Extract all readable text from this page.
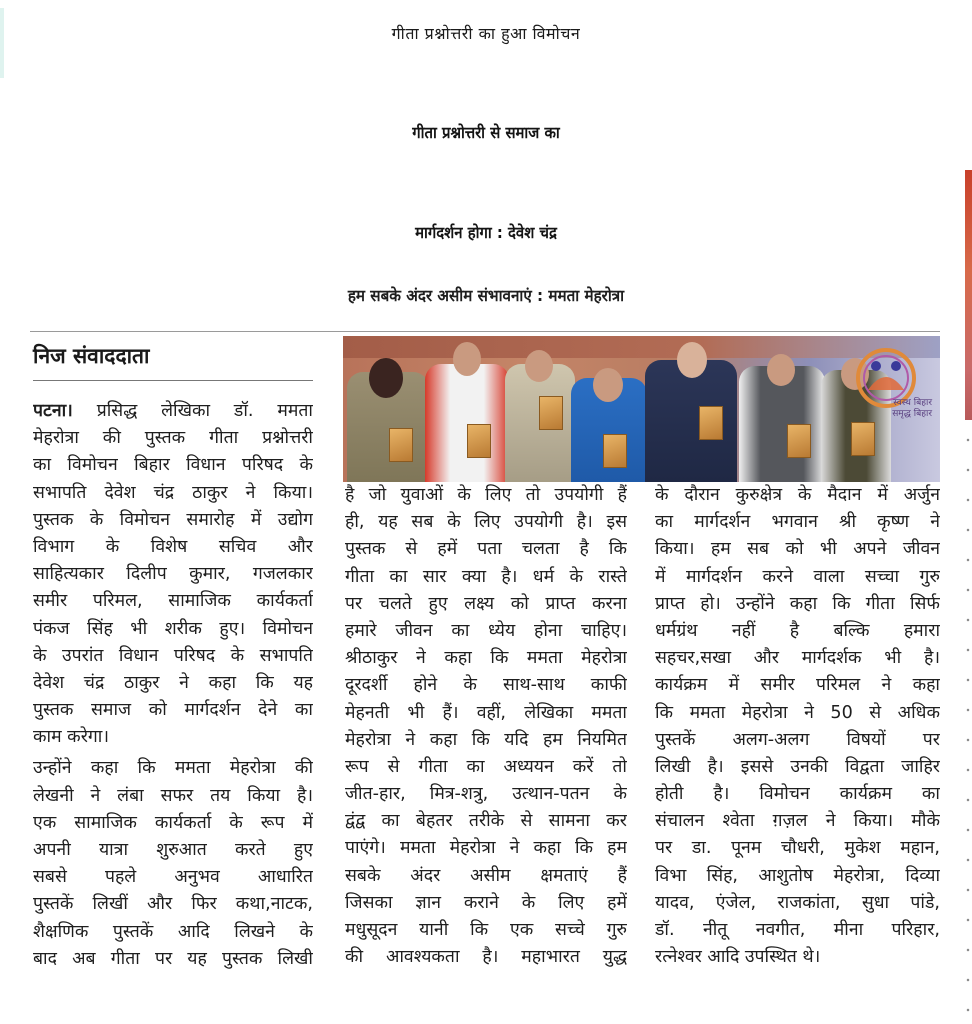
गीता प्रश्नोत्तरी का हुआ विमोचन
गीता प्रश्नोत्तरी से समाज का
मार्गदर्शन होगा : देवेश चंद्र
हम सबके अंदर असीम संभावनाएं : ममता मेहरोत्रा
निज संवाददाता
स्वस्थ बिहार
समृद्ध बिहार
पटना। प्रसिद्ध लेखिका डॉ. ममता
मेहरोत्रा की पुस्तक गीता प्रश्नोत्तरी
का विमोचन बिहार विधान परिषद के
सभापति देवेश चंद्र ठाकुर ने किया।
पुस्तक के विमोचन समारोह में उद्योग
विभाग के विशेष सचिव और
साहित्यकार दिलीप कुमार, गजलकार
समीर परिमल, सामाजिक कार्यकर्ता
पंकज सिंह भी शरीक हुए। विमोचन
के उपरांत विधान परिषद के सभापति
देवेश चंद्र ठाकुर ने कहा कि यह
पुस्तक समाज को मार्गदर्शन देने का
काम करेगा।
उन्होंने कहा कि ममता मेहरोत्रा की
लेखनी ने लंबा सफर तय किया है।
एक सामाजिक कार्यकर्ता के रूप में
अपनी यात्रा शुरुआत करते हुए
सबसे पहले अनुभव आधारित
पुस्तकें लिखीं और फिर कथा,नाटक,
शैक्षणिक पुस्तकें आदि लिखने के
बाद अब गीता पर यह पुस्तक लिखी
है जो युवाओं के लिए तो उपयोगी हैं
ही, यह सब के लिए उपयोगी है। इस
पुस्तक से हमें पता चलता है कि
गीता का सार क्या है। धर्म के रास्ते
पर चलते हुए लक्ष्य को प्राप्त करना
हमारे जीवन का ध्येय होना चाहिए।
श्रीठाकुर ने कहा कि ममता मेहरोत्रा
दूरदर्शी होने के साथ-साथ काफी
मेहनती भी हैं। वहीं, लेखिका ममता
मेहरोत्रा ने कहा कि यदि हम नियमित
रूप से गीता का अध्ययन करें तो
जीत-हार, मित्र-शत्रु, उत्थान-पतन के
द्वंद्व का बेहतर तरीके से सामना कर
पाएंगे। ममता मेहरोत्रा ने कहा कि हम
सबके अंदर असीम क्षमताएं हैं
जिसका ज्ञान कराने के लिए हमें
मधुसूदन यानी कि एक सच्चे गुरु
की आवश्यकता है। महाभारत युद्ध
के दौरान कुरुक्षेत्र के मैदान में अर्जुन
का मार्गदर्शन भगवान श्री कृष्ण ने
किया। हम सब को भी अपने जीवन
में मार्गदर्शन करने वाला सच्चा गुरु
प्राप्त हो। उन्होंने कहा कि गीता सिर्फ
धर्मग्रंथ नहीं है बल्कि हमारा
सहचर,सखा और मार्गदर्शक भी है।
कार्यक्रम में समीर परिमल ने कहा
कि ममता मेहरोत्रा ने 50 से अधिक
पुस्तकें अलग-अलग विषयों पर
लिखी है। इससे उनकी विद्वता जाहिर
होती है। विमोचन कार्यक्रम का
संचालन श्वेता ग़ज़ल ने किया। मौके
पर डा. पूनम चौधरी, मुकेश महान,
विभा सिंह, आशुतोष मेहरोत्रा, दिव्या
यादव, एंजेल, राजकांता, सुधा पांडे,
डॉ. नीतू नवगीत, मीना परिहार,
रत्नेश्वर आदि उपस्थित थे।
